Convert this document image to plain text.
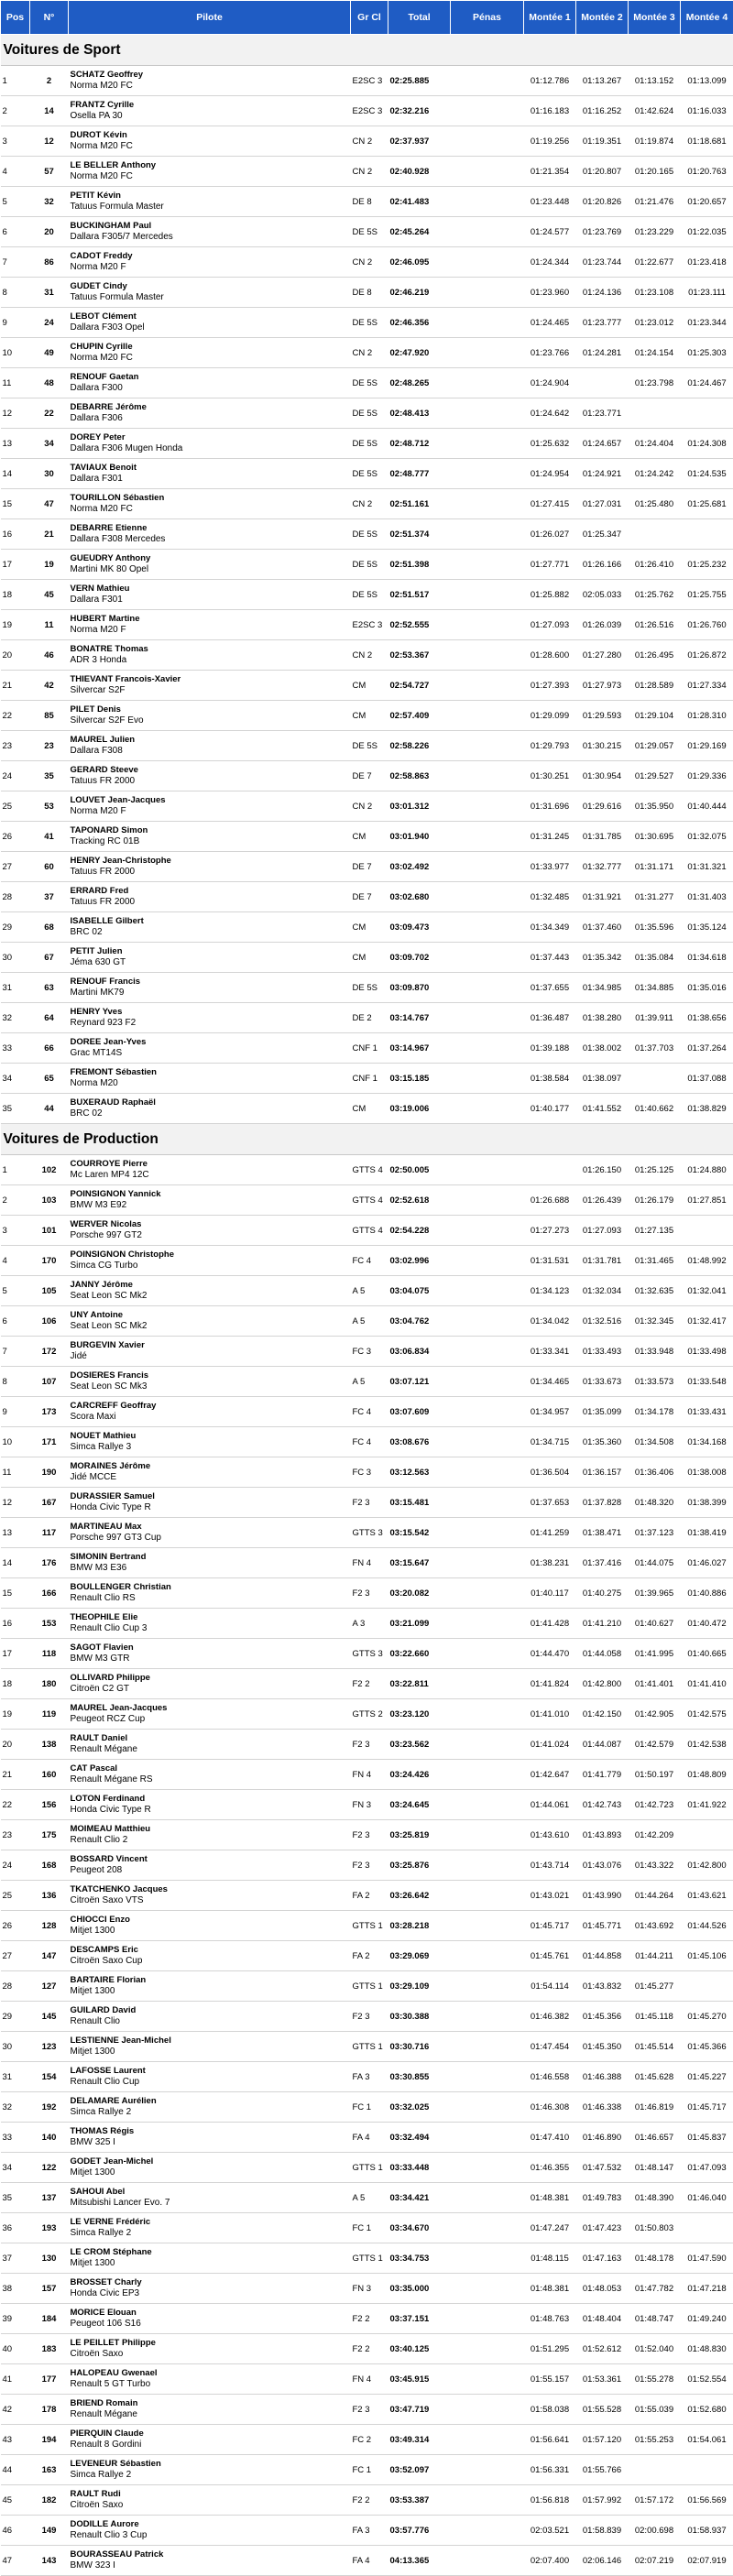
Pos	N°	Pilote	Gr Cl	Total	Pénas	Montée 1	Montée 2	Montée 3	Montée 4
Voitures de Sport									
1	2	SCHATZ Geoffrey
Norma M20 FC	E2SC 3	02:25.885		01:12.786	01:13.267	01:13.152	01:13.099
2	14	FRANTZ Cyrille
Osella PA 30	E2SC 3	02:32.216		01:16.183	01:16.252	01:42.624	01:16.033
3	12	DUROT Kévin
Norma M20 FC	CN 2	02:37.937		01:19.256	01:19.351	01:19.874	01:18.681
4	57	LE BELLER Anthony
Norma M20 FC	CN 2	02:40.928		01:21.354	01:20.807	01:20.165	01:20.763
5	32	PETIT Kévin
Tatuus Formula Master	DE 8	02:41.483		01:23.448	01:20.826	01:21.476	01:20.657
6	20	BUCKINGHAM Paul
Dallara F305/7 Mercedes	DE 5S	02:45.264		01:24.577	01:23.769	01:23.229	01:22.035
7	86	CADOT Freddy
Norma M20 F	CN 2	02:46.095		01:24.344	01:23.744	01:22.677	01:23.418
8	31	GUDET Cindy
Tatuus Formula Master	DE 8	02:46.219		01:23.960	01:24.136	01:23.108	01:23.111
9	24	LEBOT Clément
Dallara F303 Opel	DE 5S	02:46.356		01:24.465	01:23.777	01:23.012	01:23.344
10	49	CHUPIN Cyrille
Norma M20 FC	CN 2	02:47.920		01:23.766	01:24.281	01:24.154	01:25.303
11	48	RENOUF Gaetan
Dallara F300	DE 5S	02:48.265		01:24.904		01:23.798	01:24.467
12	22	DEBARRE Jérôme
Dallara F306	DE 5S	02:48.413		01:24.642	01:23.771		
13	34	DOREY Peter
Dallara F306 Mugen Honda	DE 5S	02:48.712		01:25.632	01:24.657	01:24.404	01:24.308
14	30	TAVIAUX Benoit
Dallara F301	DE 5S	02:48.777		01:24.954	01:24.921	01:24.242	01:24.535
15	47	TOURILLON Sébastien
Norma M20 FC	CN 2	02:51.161		01:27.415	01:27.031	01:25.480	01:25.681
16	21	DEBARRE Etienne
Dallara F308 Mercedes	DE 5S	02:51.374		01:26.027	01:25.347		
17	19	GUEUDRY Anthony
Martini MK 80 Opel	DE 5S	02:51.398		01:27.771	01:26.166	01:26.410	01:25.232
18	45	VERN Mathieu
Dallara F301	DE 5S	02:51.517		01:25.882	02:05.033	01:25.762	01:25.755
19	11	HUBERT Martine
Norma M20 F	E2SC 3	02:52.555		01:27.093	01:26.039	01:26.516	01:26.760
20	46	BONATRE Thomas
ADR 3 Honda	CN 2	02:53.367		01:28.600	01:27.280	01:26.495	01:26.872
21	42	THIEVANT Francois-Xavier
Silvercar S2F	CM	02:54.727		01:27.393	01:27.973	01:28.589	01:27.334
22	85	PILET Denis
Silvercar S2F Evo	CM	02:57.409		01:29.099	01:29.593	01:29.104	01:28.310
23	23	MAUREL Julien
Dallara F308	DE 5S	02:58.226		01:29.793	01:30.215	01:29.057	01:29.169
24	35	GERARD Steeve
Tatuus FR 2000	DE 7	02:58.863		01:30.251	01:30.954	01:29.527	01:29.336
25	53	LOUVET Jean-Jacques
Norma M20 F	CN 2	03:01.312		01:31.696	01:29.616	01:35.950	01:40.444
26	41	TAPONARD Simon
Tracking RC 01B	CM	03:01.940		01:31.245	01:31.785	01:30.695	01:32.075
27	60	HENRY Jean-Christophe
Tatuus FR 2000	DE 7	03:02.492		01:33.977	01:32.777	01:31.171	01:31.321
28	37	ERRARD Fred
Tatuus FR 2000	DE 7	03:02.680		01:32.485	01:31.921	01:31.277	01:31.403
29	68	ISABELLE Gilbert
BRC 02	CM	03:09.473		01:34.349	01:37.460	01:35.596	01:35.124
30	67	PETIT Julien
Jéma 630 GT	CM	03:09.702		01:37.443	01:35.342	01:35.084	01:34.618
31	63	RENOUF Francis
Martini MK79	DE 5S	03:09.870		01:37.655	01:34.985	01:34.885	01:35.016
32	64	HENRY Yves
Reynard 923 F2	DE 2	03:14.767		01:36.487	01:38.280	01:39.911	01:38.656
33	66	DOREE Jean-Yves
Grac MT14S	CNF 1	03:14.967		01:39.188	01:38.002	01:37.703	01:37.264
34	65	FREMONT Sébastien
Norma M20	CNF 1	03:15.185		01:38.584	01:38.097		01:37.088
35	44	BUXERAUD Raphaël
BRC 02	CM	03:19.006		01:40.177	01:41.552	01:40.662	01:38.829
Voitures de Production									
1	102	COURROYE Pierre
Mc Laren MP4 12C	GTTS 4	02:50.005			01:26.150	01:25.125	01:24.880
2	103	POINSIGNON Yannick
BMW M3 E92	GTTS 4	02:52.618		01:26.688	01:26.439	01:26.179	01:27.851
3	101	WERVER Nicolas
Porsche 997 GT2	GTTS 4	02:54.228		01:27.273	01:27.093	01:27.135	
4	170	POINSIGNON Christophe
Simca CG Turbo	FC 4	03:02.996		01:31.531	01:31.781	01:31.465	01:48.992
5	105	JANNY Jérôme
Seat Leon SC Mk2	A 5	03:04.075		01:34.123	01:32.034	01:32.635	01:32.041
6	106	UNY Antoine
Seat Leon SC Mk2	A 5	03:04.762		01:34.042	01:32.516	01:32.345	01:32.417
7	172	BURGEVIN Xavier
Jidé	FC 3	03:06.834		01:33.341	01:33.493	01:33.948	01:33.498
8	107	DOSIERES Francis
Seat Leon SC Mk3	A 5	03:07.121		01:34.465	01:33.673	01:33.573	01:33.548
9	173	CARCREFF Geoffray
Scora Maxi	FC 4	03:07.609		01:34.957	01:35.099	01:34.178	01:33.431
10	171	NOUET Mathieu
Simca Rallye 3	FC 4	03:08.676		01:34.715	01:35.360	01:34.508	01:34.168
11	190	MORAINES Jérôme
Jidé MCCE	FC 3	03:12.563		01:36.504	01:36.157	01:36.406	01:38.008
12	167	DURASSIER Samuel
Honda Civic Type R	F2 3	03:15.481		01:37.653	01:37.828	01:48.320	01:38.399
13	117	MARTINEAU Max
Porsche 997 GT3 Cup	GTTS 3	03:15.542		01:41.259	01:38.471	01:37.123	01:38.419
14	176	SIMONIN Bertrand
BMW M3 E36	FN 4	03:15.647		01:38.231	01:37.416	01:44.075	01:46.027
15	166	BOULLENGER Christian
Renault Clio RS	F2 3	03:20.082		01:40.117	01:40.275	01:39.965	01:40.886
16	153	THEOPHILE Elie
Renault Clio Cup 3	A 3	03:21.099		01:41.428	01:41.210	01:40.627	01:40.472
17	118	SAGOT Flavien
BMW M3 GTR	GTTS 3	03:22.660		01:44.470	01:44.058	01:41.995	01:40.665
18	180	OLLIVARD Philippe
Citroën C2 GT	F2 2	03:22.811		01:41.824	01:42.800	01:41.401	01:41.410
19	119	MAUREL Jean-Jacques
Peugeot RCZ Cup	GTTS 2	03:23.120		01:41.010	01:42.150	01:42.905	01:42.575
20	138	RAULT Daniel
Renault Mégane	F2 3	03:23.562		01:41.024	01:44.087	01:42.579	01:42.538
21	160	CAT Pascal
Renault Mégane RS	FN 4	03:24.426		01:42.647	01:41.779	01:50.197	01:48.809
22	156	LOTON Ferdinand
Honda Civic Type R	FN 3	03:24.645		01:44.061	01:42.743	01:42.723	01:41.922
23	175	MOIMEAU Matthieu
Renault Clio 2	F2 3	03:25.819		01:43.610	01:43.893	01:42.209	
24	168	BOSSARD Vincent
Peugeot 208	F2 3	03:25.876		01:43.714	01:43.076	01:43.322	01:42.800
25	136	TKATCHENKO Jacques
Citroën Saxo VTS	FA 2	03:26.642		01:43.021	01:43.990	01:44.264	01:43.621
26	128	CHIOCCI Enzo
Mitjet 1300	GTTS 1	03:28.218		01:45.717	01:45.771	01:43.692	01:44.526
27	147	DESCAMPS Eric
Citroën Saxo Cup	FA 2	03:29.069		01:45.761	01:44.858	01:44.211	01:45.106
28	127	BARTAIRE Florian
Mitjet 1300	GTTS 1	03:29.109		01:54.114	01:43.832	01:45.277	
29	145	GUILARD David
Renault Clio	F2 3	03:30.388		01:46.382	01:45.356	01:45.118	01:45.270
30	123	LESTIENNE Jean-Michel
Mitjet 1300	GTTS 1	03:30.716		01:47.454	01:45.350	01:45.514	01:45.366
31	154	LAFOSSE Laurent
Renault Clio Cup	FA 3	03:30.855		01:46.558	01:46.388	01:45.628	01:45.227
32	192	DELAMARE Aurélien
Simca Rallye 2	FC 1	03:32.025		01:46.308	01:46.338	01:46.819	01:45.717
33	140	THOMAS Régis
BMW 325 I	FA 4	03:32.494		01:47.410	01:46.890	01:46.657	01:45.837
34	122	GODET Jean-Michel
Mitjet 1300	GTTS 1	03:33.448		01:46.355	01:47.532	01:48.147	01:47.093
35	137	SAHOUI Abel
Mitsubishi Lancer Evo. 7	A 5	03:34.421		01:48.381	01:49.783	01:48.390	01:46.040
36	193	LE VERNE Frédéric
Simca Rallye 2	FC 1	03:34.670		01:47.247	01:47.423	01:50.803	
37	130	LE CROM Stéphane
Mitjet 1300	GTTS 1	03:34.753		01:48.115	01:47.163	01:48.178	01:47.590
38	157	BROSSET Charly
Honda Civic EP3	FN 3	03:35.000		01:48.381	01:48.053	01:47.782	01:47.218
39	184	MORICE Elouan
Peugeot 106 S16	F2 2	03:37.151		01:48.763	01:48.404	01:48.747	01:49.240
40	183	LE PEILLET Philippe
Citroën Saxo	F2 2	03:40.125		01:51.295	01:52.612	01:52.040	01:48.830
41	177	HALOPEAU Gwenael
Renault 5 GT Turbo	FN 4	03:45.915		01:55.157	01:53.361	01:55.278	01:52.554
42	178	BRIEND Romain
Renault Mégane	F2 3	03:47.719		01:58.038	01:55.528	01:55.039	01:52.680
43	194	PIERQUIN Claude
Renault 8 Gordini	FC 2	03:49.314		01:56.641	01:57.120	01:55.253	01:54.061
44	163	LEVENEUR Sébastien
Simca Rallye 2	FC 1	03:52.097		01:56.331	01:55.766		
45	182	RAULT Rudi
Citroën Saxo	F2 2	03:53.387		01:56.818	01:57.992	01:57.172	01:56.569
46	149	DODILLE Aurore
Renault Clio 3 Cup	FA 3	03:57.776		02:03.521	01:58.839	02:00.698	01:58.937
47	143	BOURASSEAU Patrick
BMW 323 I	FA 4	04:13.365		02:07.400	02:06.146	02:07.219	02:07.919
